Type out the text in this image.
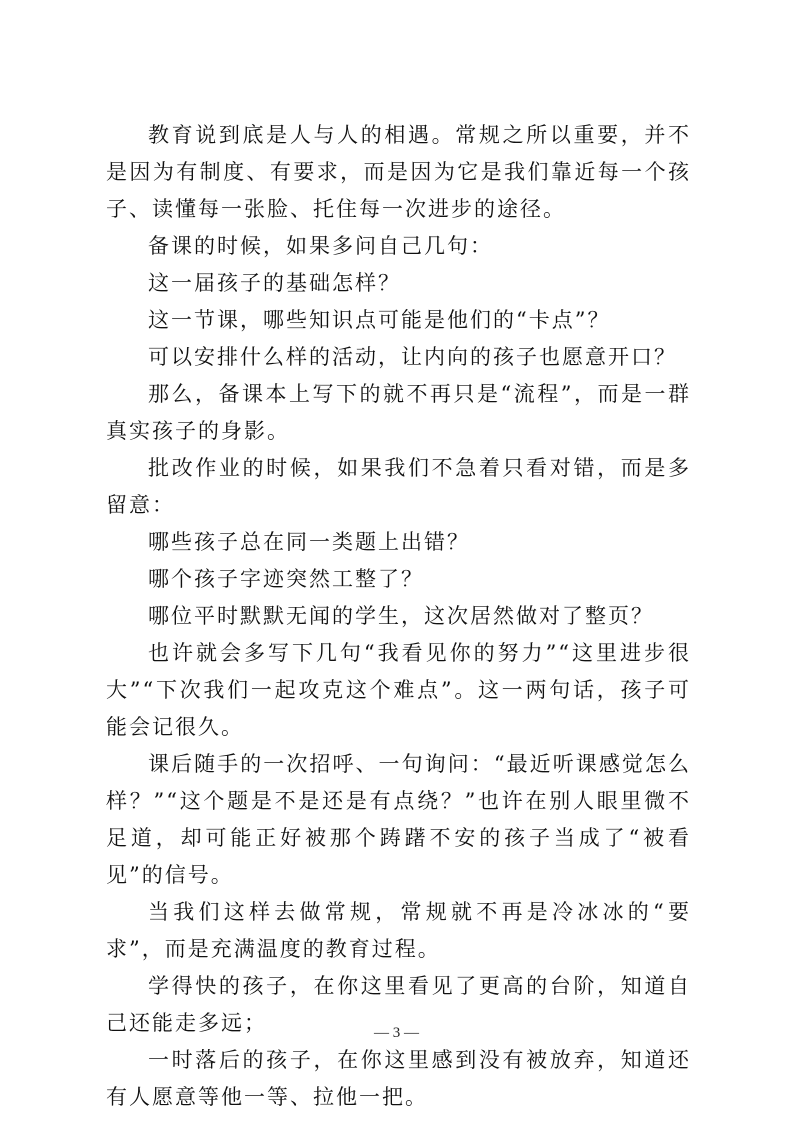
教育说到底是人与人的相遇。常规之所以重要，并不是因为有制度、有要求，而是因为它是我们靠近每一个孩子、读懂每一张脸、托住每一次进步的途径。

备课的时候，如果多问自己几句：

这一届孩子的基础怎样？

这一节课，哪些知识点可能是他们的“卡点”？

可以安排什么样的活动，让内向的孩子也愿意开口？

那么，备课本上写下的就不再只是“流程”，而是一群真实孩子的身影。

批改作业的时候，如果我们不急着只看对错，而是多留意：

哪些孩子总在同一类题上出错？

哪个孩子字迹突然工整了？

哪位平时默默无闻的学生，这次居然做对了整页？

也许就会多写下几句“我看见你的努力”“这里进步很大”“下次我们一起攻克这个难点”。这一两句话，孩子可能会记很久。

课后随手的一次招呼、一句询问：“最近听课感觉怎么样？”“这个题是不是还是有点绕？”也许在别人眼里微不足道，却可能正好被那个踌躇不安的孩子当成了“被看见”的信号。

当我们这样去做常规，常规就不再是冷冰冰的“要求”，而是充满温度的教育过程。

学得快的孩子，在你这里看见了更高的台阶，知道自己还能走多远；

一时落后的孩子，在你这里感到没有被放弃，知道还有人愿意等他一等、拉他一把。

— 3 —
